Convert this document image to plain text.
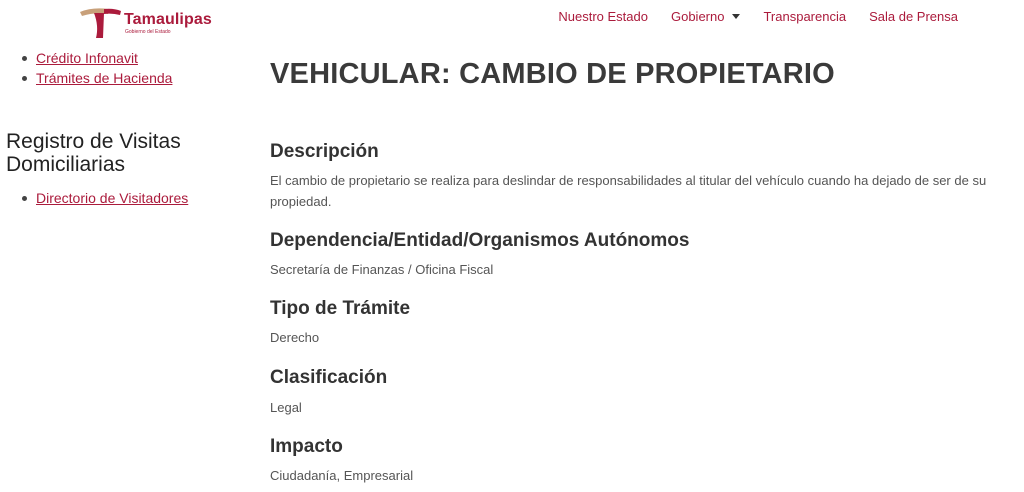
Tamaulipas
Gobierno del Estado
Nuestro Estado Gobierno	Transparencia Sala de Prensa
Crédito Infonavit
Trámites de Hacienda
Registro de Visitas Domiciliarias
Directorio de Visitadores
VEHICULAR: CAMBIO DE PROPIETARIO
Descripción

El cambio de propietario se realiza para deslindar de responsabilidades al titular del vehículo cuando ha dejado de ser de su propiedad.

Dependencia/Entidad/Organismos Autónomos

Secretaría de Finanzas / Oficina Fiscal

Tipo de Trámite

Derecho

Clasificación

Legal

Impacto

Ciudadanía, Empresarial
